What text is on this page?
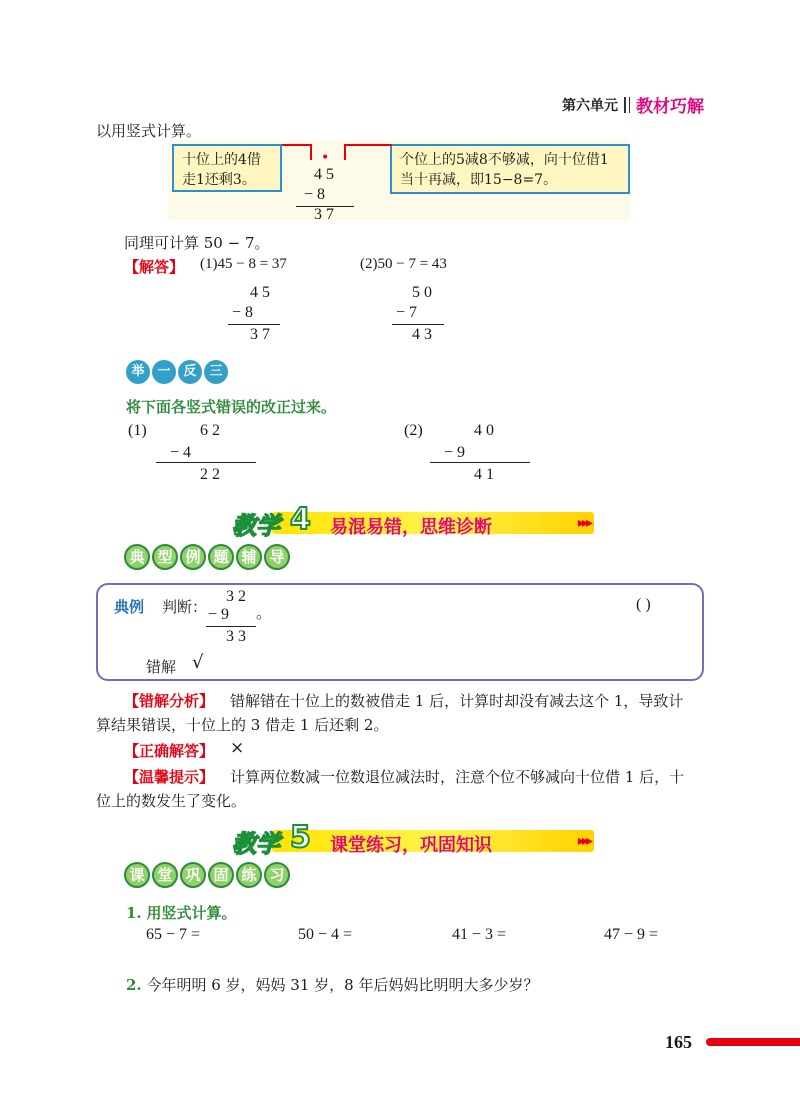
第六单元 教材巧解
以用竖式计算。
十位上的4借走1还剩3。
个位上的5减8不够减，向十位借1当十再减，即15−8=7。
•
4 5
− 8
3 7
同理可计算 50 − 7。
【解答】 (1)45 − 8 = 37	(2)50 − 7 = 43
4 5
− 8
3 7
5 0
− 7
4 3
举 一 反 三
将下面各竖式错误的改正过来。
(1)	6 2
− 4
2 2
(2)	4 0
− 9
4 1
教学 4 易混易错，思维诊断	▸▸▸
典 型 例 题 辅 导
典例 判断：
3 2
− 9 。
3 3
( )
错解 √
【错解分析】 错解错在十位上的数被借走 1 后，计算时却没有减去这个 1，导致计
算结果错误，十位上的 3 借走 1 后还剩 2。
【正确解答】 ×
【温馨提示】 计算两位数减一位数退位减法时，注意个位不够减向十位借 1 后，十
位上的数发生了变化。
教学 5 课堂练习，巩固知识	▸▸▸
课 堂 巩 固 练 习
1. 用竖式计算。
65 − 7 =	50 − 4 =	41 − 3 =	47 − 9 =
2. 今年明明 6 岁，妈妈 31 岁，8 年后妈妈比明明大多少岁？
165
